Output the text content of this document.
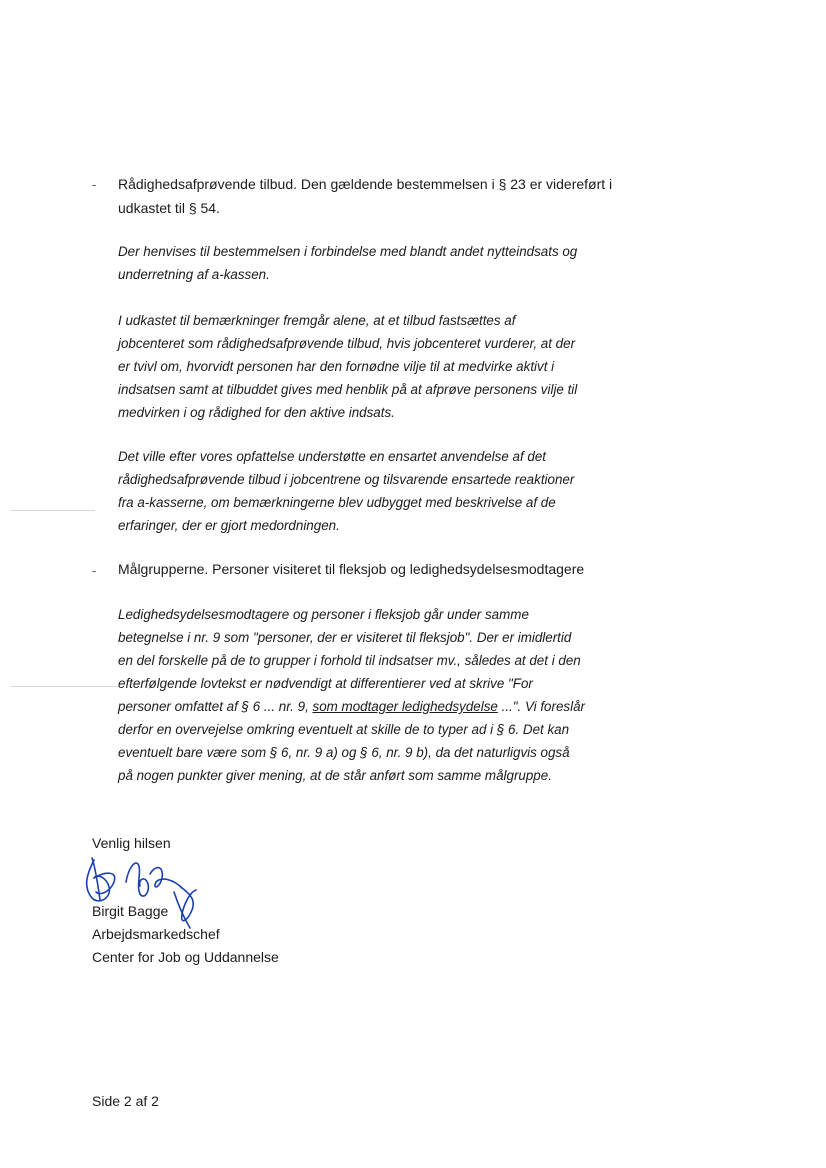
- Rådighedsafprøvende tilbud. Den gældende bestemmelsen i § 23 er videreført i
udkastet til § 54.
Der henvises til bestemmelsen i forbindelse med blandt andet nytteindsats og
underretning af a-kassen.
I udkastet til bemærkninger fremgår alene, at et tilbud fastsættes af
jobcenteret som rådighedsafprøvende tilbud, hvis jobcenteret vurderer, at der
er tvivl om, hvorvidt personen har den fornødne vilje til at medvirke aktivt i
indsatsen samt at tilbuddet gives med henblik på at afprøve personens vilje til
medvirken i og rådighed for den aktive indsats.
Det ville efter vores opfattelse understøtte en ensartet anvendelse af det
rådighedsafprøvende tilbud i jobcentrene og tilsvarende ensartede reaktioner
fra a-kasserne, om bemærkningerne blev udbygget med beskrivelse af de
erfaringer, der er gjort medordningen.
- Målgrupperne. Personer visiteret til fleksjob og ledighedsydelsesmodtagere
Ledighedsydelsesmodtagere og personer i fleksjob går under samme
betegnelse i nr. 9 som "personer, der er visiteret til fleksjob". Der er imidlertid
en del forskelle på de to grupper i forhold til indsatser mv., således at det i den
efterfølgende lovtekst er nødvendigt at differentierer ved at skrive "For
personer omfattet af § 6 ... nr. 9, som modtager ledighedsydelse ...". Vi foreslår
derfor en overvejelse omkring eventuelt at skille de to typer ad i § 6. Det kan
eventuelt bare være som § 6, nr. 9 a) og § 6, nr. 9 b), da det naturligvis også
på nogen punkter giver mening, at de står anført som samme målgruppe.
Venlig hilsen
Birgit Bagge
Arbejdsmarkedschef
Center for Job og Uddannelse
Side 2 af 2
